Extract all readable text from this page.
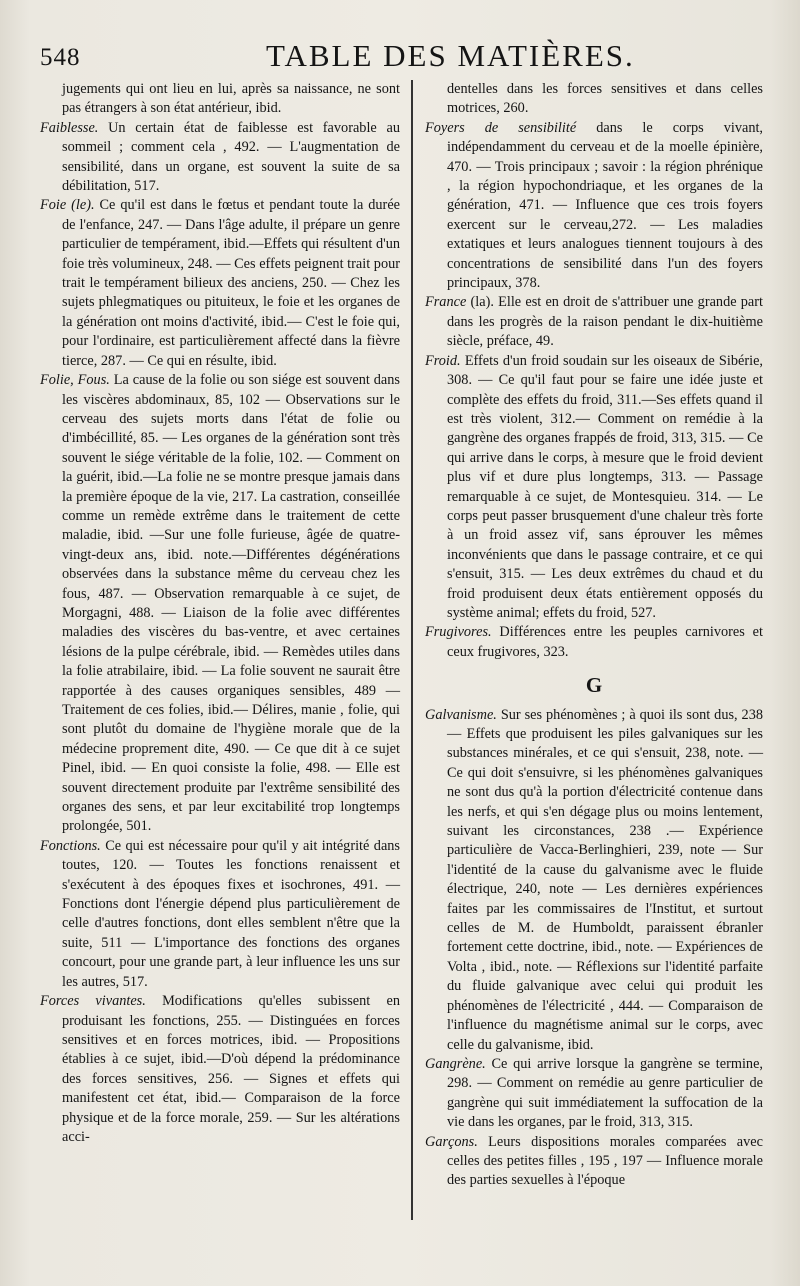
548	TABLE DES MATIÈRES.

jugements qui ont lieu en lui, après sa naissance, ne sont pas étrangers à son état antérieur, ibid.

Faiblesse. Un certain état de faiblesse est favorable au sommeil ; comment cela , 492. — L'augmentation de sensibilité, dans un organe, est souvent la suite de sa débilitation, 517.

Foie (le). Ce qu'il est dans le fœtus et pendant toute la durée de l'enfance, 247. — Dans l'âge adulte, il prépare un genre particulier de tempérament, ibid.—Effets qui résultent d'un foie très volumineux, 248. — Ces effets peignent trait pour trait le tempérament bilieux des anciens, 250. — Chez les sujets phlegmatiques ou pituiteux, le foie et les organes de la génération ont moins d'activité, ibid.— C'est le foie qui, pour l'ordinaire, est particulièrement affecté dans la fièvre tierce, 287. — Ce qui en résulte, ibid.

Folie, Fous. La cause de la folie ou son siége est souvent dans les viscères abdominaux, 85, 102 — Observations sur le cerveau des sujets morts dans l'état de folie ou d'imbécillité, 85. — Les organes de la génération sont très souvent le siége véritable de la folie, 102. — Comment on la guérit, ibid.—La folie ne se montre presque jamais dans la première époque de la vie, 217. La castration, conseillée comme un remède extrême dans le traitement de cette maladie, ibid. —Sur une folle furieuse, âgée de quatre-vingt-deux ans, ibid. note.—Différentes dégénérations observées dans la substance même du cerveau chez les fous, 487. — Observation remarquable à ce sujet, de Morgagni, 488. — Liaison de la folie avec différentes maladies des viscères du bas-ventre, et avec certaines lésions de la pulpe cérébrale, ibid. — Remèdes utiles dans la folie atrabilaire, ibid. — La folie souvent ne saurait être rapportée à des causes organiques sensibles, 489 — Traitement de ces folies, ibid.— Délires, manie , folie, qui sont plutôt du domaine de l'hygiène morale que de la médecine proprement dite, 490. — Ce que dit à ce sujet Pinel, ibid. — En quoi consiste la folie, 498. — Elle est souvent directement produite par l'extrême sensibilité des organes des sens, et par leur excitabilité trop longtemps prolongée, 501.

Fonctions. Ce qui est nécessaire pour qu'il y ait intégrité dans toutes, 120. — Toutes les fonctions renaissent et s'exécutent à des époques fixes et isochrones, 491. — Fonctions dont l'énergie dépend plus particulièrement de celle d'autres fonctions, dont elles semblent n'être que la suite, 511 — L'importance des fonctions des organes concourt, pour une grande part, à leur influence les uns sur les autres, 517.

Forces vivantes. Modifications qu'elles subissent en produisant les fonctions, 255. — Distinguées en forces sensitives et en forces motrices, ibid. — Propositions établies à ce sujet, ibid.—D'où dépend la prédominance des forces sensitives, 256. — Signes et effets qui manifestent cet état, ibid.— Comparaison de la force physique et de la force morale, 259. — Sur les altérations acci-

dentelles dans les forces sensitives et dans celles motrices, 260.

Foyers de sensibilité dans le corps vivant, indépendamment du cerveau et de la moelle épinière, 470. — Trois principaux ; savoir : la région phrénique , la région hypochondriaque, et les organes de la génération, 471. — Influence que ces trois foyers exercent sur le cerveau,272. — Les maladies extatiques et leurs analogues tiennent toujours à des concentrations de sensibilité dans l'un des foyers principaux, 378.

France (la). Elle est en droit de s'attribuer une grande part dans les progrès de la raison pendant le dix-huitième siècle, préface, 49.

Froid. Effets d'un froid soudain sur les oiseaux de Sibérie, 308. — Ce qu'il faut pour se faire une idée juste et complète des effets du froid, 311.—Ses effets quand il est très violent, 312.— Comment on remédie à la gangrène des organes frappés de froid, 313, 315. — Ce qui arrive dans le corps, à mesure que le froid devient plus vif et dure plus longtemps, 313. — Passage remarquable à ce sujet, de Montesquieu. 314. — Le corps peut passer brusquement d'une chaleur très forte à un froid assez vif, sans éprouver les mêmes inconvénients que dans le passage contraire, et ce qui s'ensuit, 315. — Les deux extrêmes du chaud et du froid produisent deux états entièrement opposés du système animal; effets du froid, 527.

Frugivores. Différences entre les peuples carnivores et ceux frugivores, 323.

G

Galvanisme. Sur ses phénomènes ; à quoi ils sont dus, 238 — Effets que produisent les piles galvaniques sur les substances minérales, et ce qui s'ensuit, 238, note. — Ce qui doit s'ensuivre, si les phénomènes galvaniques ne sont dus qu'à la portion d'électricité contenue dans les nerfs, et qui s'en dégage plus ou moins lentement, suivant les circonstances, 238 .— Expérience particulière de Vacca-Berlinghieri, 239, note — Sur l'identité de la cause du galvanisme avec le fluide électrique, 240, note — Les dernières expériences faites par les commissaires de l'Institut, et surtout celles de M. de Humboldt, paraissent ébranler fortement cette doctrine, ibid., note. — Expériences de Volta , ibid., note. — Réflexions sur l'identité parfaite du fluide galvanique avec celui qui produit les phénomènes de l'électricité , 444. — Comparaison de l'influence du magnétisme animal sur le corps, avec celle du galvanisme, ibid.

Gangrène. Ce qui arrive lorsque la gangrène se termine, 298. — Comment on remédie au genre particulier de gangrène qui suit immédiatement la suffocation de la vie dans les organes, par le froid, 313, 315.

Garçons. Leurs dispositions morales comparées avec celles des petites filles , 195 , 197 — Influence morale des parties sexuelles à l'époque
